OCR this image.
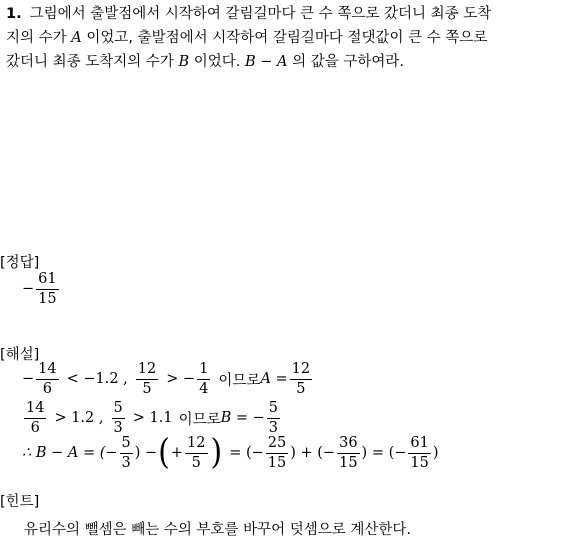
1. 그림에서 출발점에서 시작하여 갈림길마다 큰 수 쪽으로 갔더니 최종 도착
지의 수가 A 이었고, 출발점에서 시작하여 갈림길마다 절댓값이 큰 수 쪽으로
갔더니 최종 도착지의 수가 B 이었다. B − A 의 값을 구하여라.
[정답]
− $\frac{61}{15}$
[해설]
− $\frac{14}{6} < -1.2$ , $\frac{12}{5}$ > − $\frac{1}{4}$ 이므로 $A = \frac{12}{5}$
$\frac{14}{6} > 1.2$ , $\frac{5}{3} > 1.1$ 이므로 B = − $\frac{5}{3}$
∴ B − A = (− $\frac{5}{3}$ ) − ( + $\frac{12}{5}$ ) = (− $\frac{25}{15}$ ) + (− $\frac{36}{15}$ ) = (− $\frac{61}{15}$ )
[힌트]
유리수의 뺄셈은 빼는 수의 부호를 바꾸어 덧셈으로 계산한다.
